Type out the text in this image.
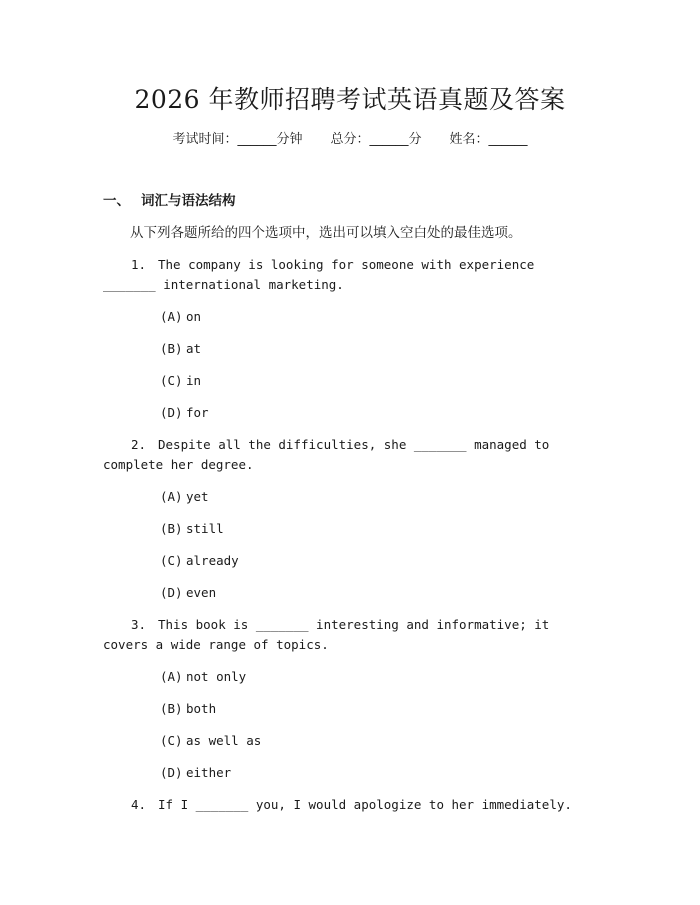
2026 年教师招聘考试英语真题及答案
考试时间：______分钟 总分：______分 姓名：______
一、 词汇与语法结构
从下列各题所给的四个选项中，选出可以填入空白处的最佳选项。
1. The company is looking for someone with experience _______ international marketing.
(A) on
(B) at
(C) in
(D) for
2. Despite all the difficulties, she _______ managed to complete her degree.
(A) yet
(B) still
(C) already
(D) even
3. This book is _______ interesting and informative; it covers a wide range of topics.
(A) not only
(B) both
(C) as well as
(D) either
4. If I _______ you, I would apologize to her immediately.
